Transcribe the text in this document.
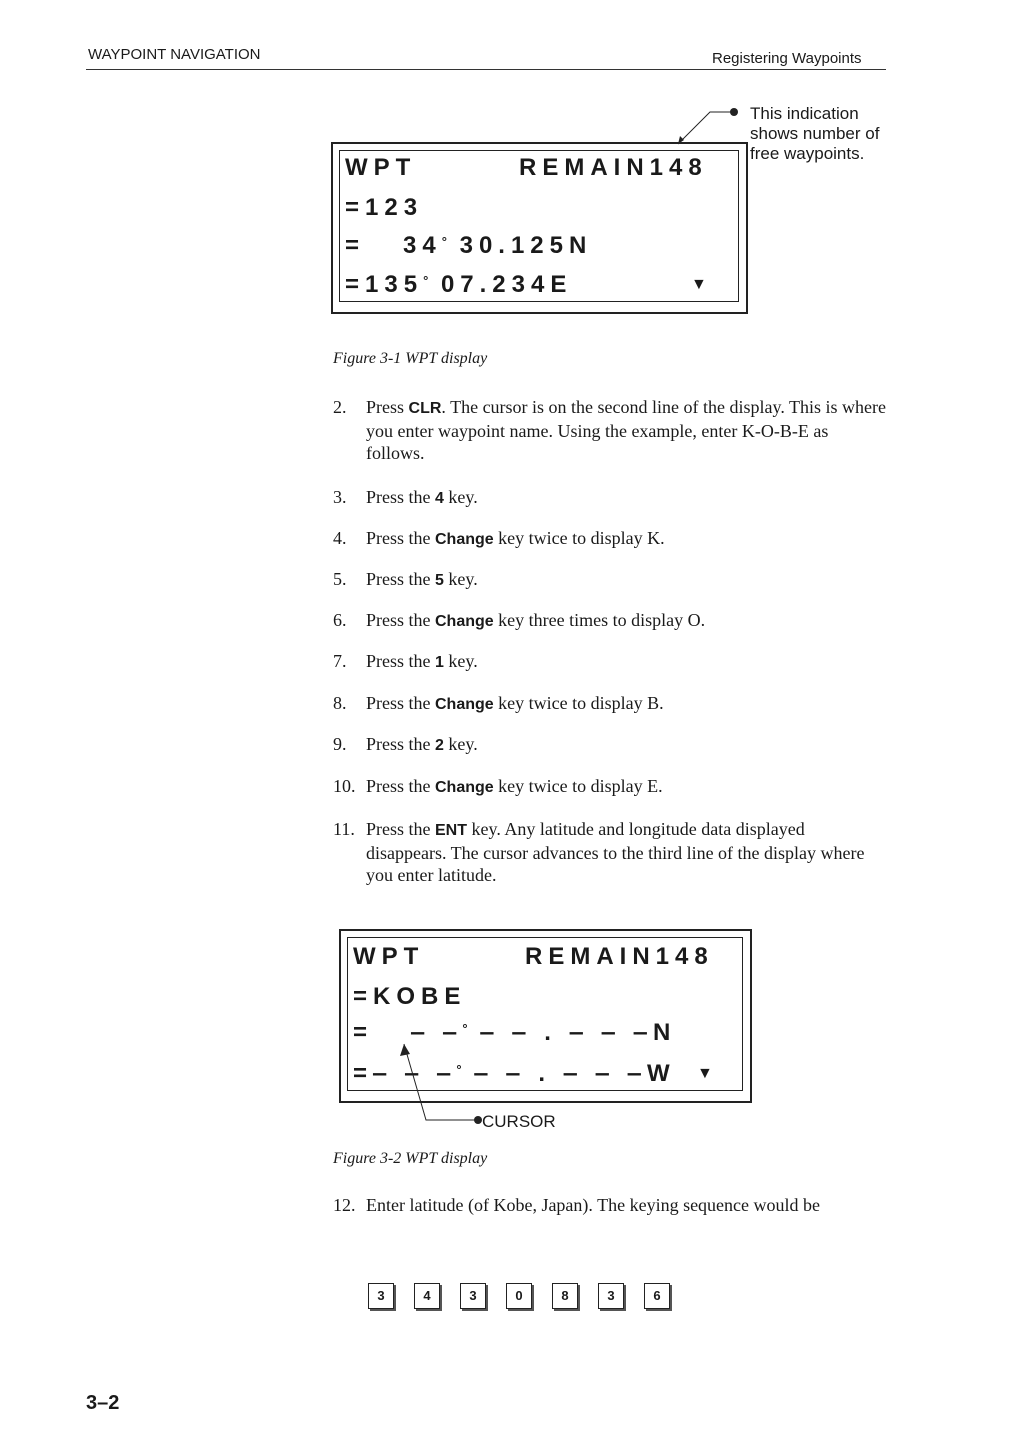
WAYPOINT NAVIGATION	Registering Waypoints
This indication
shows number of
free waypoints.
WPT	REMAIN148
=123
=   34° 30.125N
=135° 07.234E	▼
Figure 3-1 WPT display
2. Press CLR. The cursor is on the second line of the display. This is where you enter waypoint name. Using the example, enter K-O-B-E as follows.
3. Press the 4 key.
4. Press the Change key twice to display K.
5. Press the 5 key.
6. Press the Change key three times to display O.
7. Press the 1 key.
8. Press the Change key twice to display B.
9. Press the 2 key.
10. Press the Change key twice to display E.
11. Press the ENT key. Any latitude and longitude data displayed disappears. The cursor advances to the third line of the display where you enter latitude.
WPT	REMAIN148
=KOBE
=   ‒ ‒° ‒ ‒ . ‒ ‒ ‒N
=‒ ‒ ‒° ‒ ‒ . ‒ ‒ ‒W ▼
CURSOR
Figure 3-2 WPT display
12. Enter latitude (of Kobe, Japan). The keying sequence would be
3	4	3	0	8	3	6
3–2
